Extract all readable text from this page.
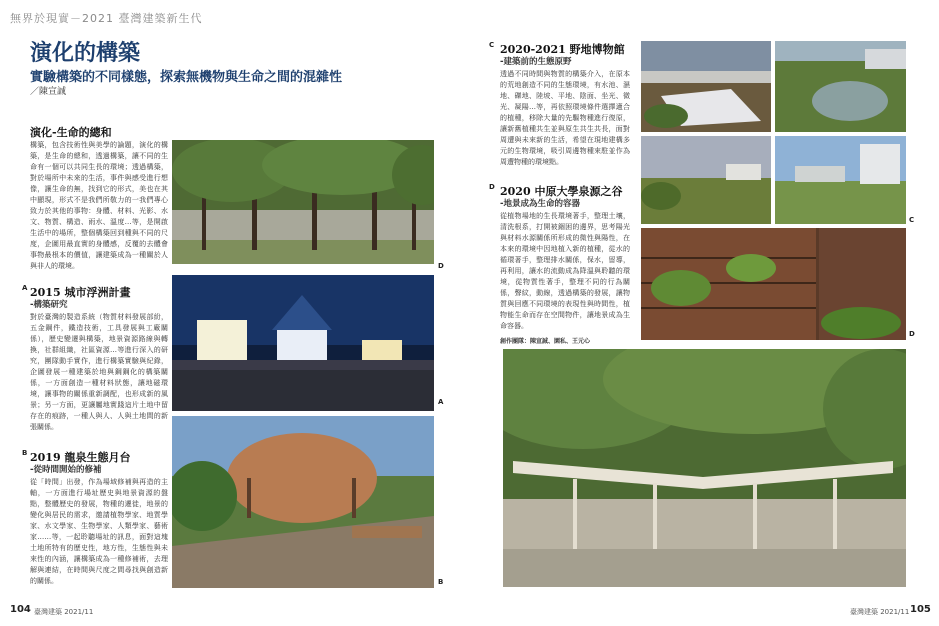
無界於現實－2021 臺灣建築新生代
演化的構築
實驗構築的不同樣態，探索無機物與生命之間的混雜性
／陳宣誠
演化-生命的總和
構築，包含技術性與美學的論題，演化的構築，是生命的總和，透過構築，讓不同的生命有一個可以共同生長的環境；透過構築，對於場所中未來的生活，事件與感受進行想像，讓生命的無，找到它的形式，美也在其中顯現，形式不是我們所敬力的一我們專心致力於其他的事物：身體、材料、光影、水文、物質、構造、雨水、溫度…等，是開啟生活中的場所，整個構築回到種與不同的尺度，企圖用最直實的身體感，反覆的去體會事物最根本的價值，讓建築成為一種關於人與非人的環境。
A 2015 城市浮洲計畫
-構築研究
對於臺灣的製造系統（物質材料發展部紛，五金鋼件，鐵造技術，工具發展與工廠關係），歷史變遷與構築，地景資源路線與轉換，社群組織，社區資源…等進行深入的研究，團隊動手實作，進行構築實驗與紀錄，企圖發展一種建築於地與鋼鋼化的構築關係，一方面創造一種材料狀態，讓地磁環境，讓事物的關係重新調配，也形成新的風景；另一方面，更讓屬地實踐這片土地中留存在的痕跡，一種人與人、人與土地間的新張關係。
B 2019 龍泉生態月台
-從時間開始的修補
從「時間」出發，作為場域修補與再造的主軸，一方面進行場址歷史與地景資源的盤點，整體歷史的發展，物種的遷徙，地景的變化與居民的需求，邀請植物學家、地質學家、水文學家、生物學家、人類學家、藝術家……等，一起聆聽場址的訊息，面對這塊土地所特有的歷史性，地方性，生態性與未來性的內涵，讓構築成為一種修補術，去理解與連結，在時間與尺度之間尋找與創造新的關係。
D
A
B
C 2020-2021 野地博物館
-建築前的生態原野
透過不同時間與物質的構築介入，在原本的荒地創造不同的生態環境，有水池、濕地、礫地、陸坡、平地、陰面、坐光、微光、凝陽…等，再依照環境條件選擇適合的植種，移除大量的先驅物種進行復原，讓新舊植種共生並與原生共生共長，面對周遭與未來新的生活，希望在現地建構多元的生物環境，吸引周邊物種來駐並作為周遭物種的環境點。
D 2020 中原大學泉源之谷
-地景成為生命的容器
從植物場地的生長環境著手，整理土壤，清洗根系，打開被錮困的邊界，思考陽光與材料水源關係所形成的微性與陽性，在本來的環境中因地植入新的植種，從水的循環著手，整理排水關係，保水，留導，再利用，讓水的流動成為降溫與聆聽的環境，從物質性著手，整理不同的行為關係，聲紋，動線，透過構築的發展，讓物質與回應不同環境的表現性與時間性，植物能生命而存在空間物件，讓地景成為生命容器。
創作團隊：陳宣誠、園私、王元心
C
D
104 臺灣建築 2021/11	臺灣建築 2021/11 105
